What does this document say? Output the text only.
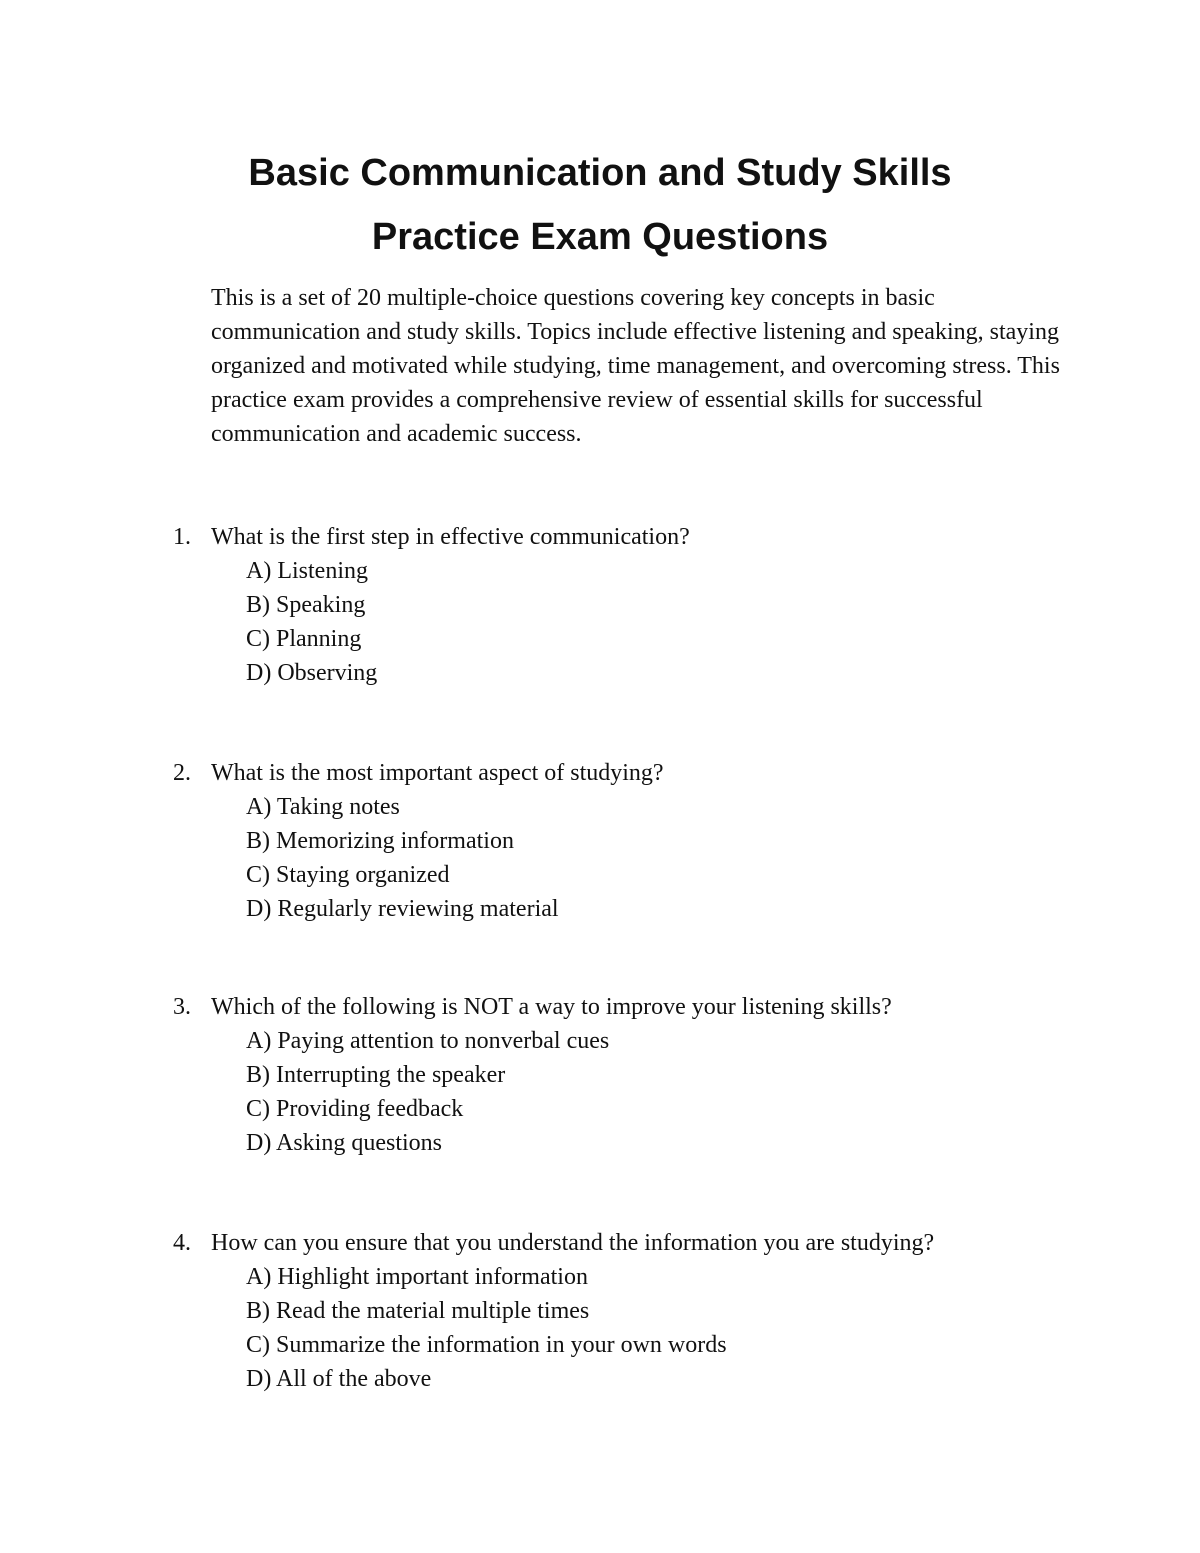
Basic Communication and Study Skills
Practice Exam Questions

This is a set of 20 multiple-choice questions covering key concepts in basic communication and study skills. Topics include effective listening and speaking, staying organized and motivated while studying, time management, and overcoming stress. This practice exam provides a comprehensive review of essential skills for successful communication and academic success.

1. What is the first step in effective communication?
A) Listening
B) Speaking
C) Planning
D) Observing
2. What is the most important aspect of studying?
A) Taking notes
B) Memorizing information
C) Staying organized
D) Regularly reviewing material
3. Which of the following is NOT a way to improve your listening skills?
A) Paying attention to nonverbal cues
B) Interrupting the speaker
C) Providing feedback
D) Asking questions
4. How can you ensure that you understand the information you are studying?
A) Highlight important information
B) Read the material multiple times
C) Summarize the information in your own words
D) All of the above
